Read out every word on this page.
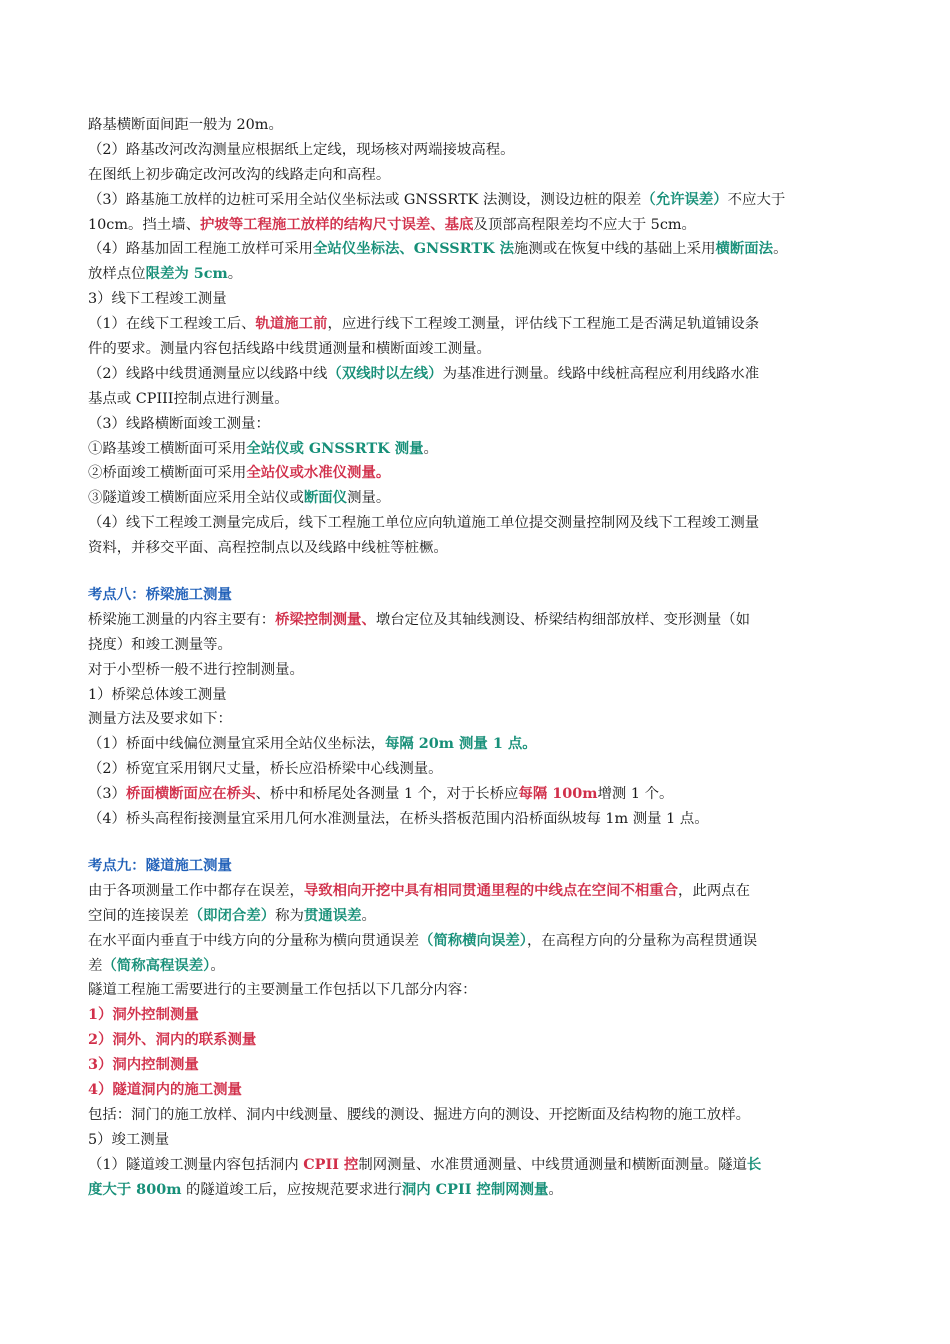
路基横断面间距一般为 20m。
（2）路基改河改沟测量应根据纸上定线，现场核对两端接坡高程。
在图纸上初步确定改河改沟的线路走向和高程。
（3）路基施工放样的边桩可采用全站仪坐标法或 GNSSRTK 法测设，测设边桩的限差（允许误差）不应大于
10cm。挡土墙、护坡等工程施工放样的结构尺寸误差、基底及顶部高程限差均不应大于 5cm。
（4）路基加固工程施工放样可采用全站仪坐标法、GNSSRTK 法施测或在恢复中线的基础上采用横断面法。
放样点位限差为 5cm。
3）线下工程竣工测量
（1）在线下工程竣工后、轨道施工前，应进行线下工程竣工测量，评估线下工程施工是否满足轨道铺设条
件的要求。测量内容包括线路中线贯通测量和横断面竣工测量。
（2）线路中线贯通测量应以线路中线（双线时以左线）为基准进行测量。线路中线桩高程应利用线路水准
基点或 CPIII控制点进行测量。
（3）线路横断面竣工测量：
①路基竣工横断面可采用全站仪或 GNSSRTK 测量。
②桥面竣工横断面可采用全站仪或水准仪测量。
③隧道竣工横断面应采用全站仪或断面仪测量。
（4）线下工程竣工测量完成后，线下工程施工单位应向轨道施工单位提交测量控制网及线下工程竣工测量
资料，并移交平面、高程控制点以及线路中线桩等桩橛。
考点八：桥梁施工测量
桥梁施工测量的内容主要有：桥梁控制测量、墩台定位及其轴线测设、桥梁结构细部放样、变形测量（如
挠度）和竣工测量等。
对于小型桥一般不进行控制测量。
1）桥梁总体竣工测量
测量方法及要求如下：
（1）桥面中线偏位测量宜采用全站仪坐标法，每隔 20m 测量 1 点。
（2）桥宽宜采用钢尺丈量，桥长应沿桥梁中心线测量。
（3）桥面横断面应在桥头、桥中和桥尾处各测量 1 个，对于长桥应每隔 100m增测 1 个。
（4）桥头高程衔接测量宜采用几何水准测量法，在桥头搭板范围内沿桥面纵坡每 1m 测量 1 点。
考点九：隧道施工测量
由于各项测量工作中都存在误差，导致相向开挖中具有相同贯通里程的中线点在空间不相重合，此两点在
空间的连接误差（即闭合差）称为贯通误差。
在水平面内垂直于中线方向的分量称为横向贯通误差（简称横向误差），在高程方向的分量称为高程贯通误
差（简称高程误差）。
隧道工程施工需要进行的主要测量工作包括以下几部分内容：
1）洞外控制测量
2）洞外、洞内的联系测量
3）洞内控制测量
4）隧道洞内的施工测量
包括：洞门的施工放样、洞内中线测量、腰线的测设、掘进方向的测设、开挖断面及结构物的施工放样。
5）竣工测量
（1）隧道竣工测量内容包括洞内 CPII 控制网测量、水准贯通测量、中线贯通测量和横断面测量。隧道长
度大于 800m 的隧道竣工后，应按规范要求进行洞内 CPII 控制网测量。
